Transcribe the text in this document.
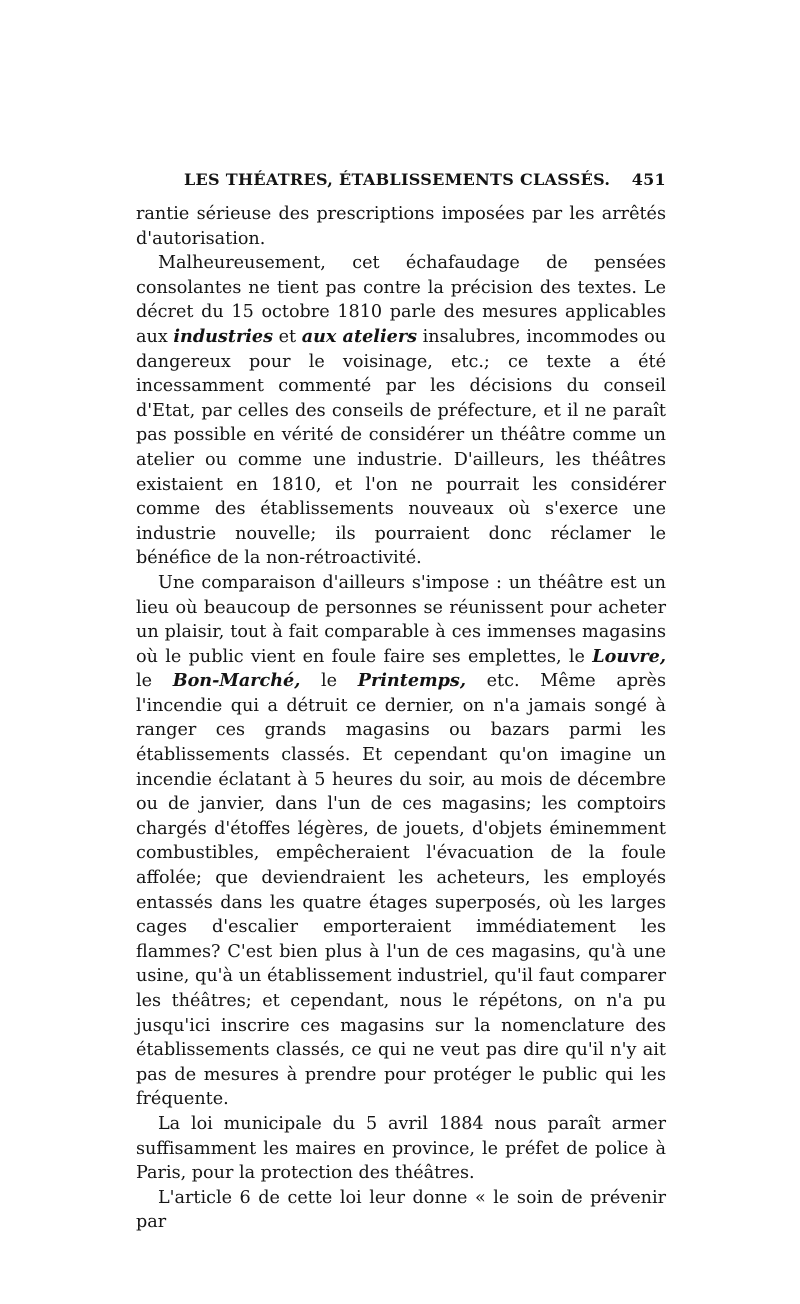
LES THÉATRES, ÉTABLISSEMENTS CLASSÉS. 451

rantie sérieuse des prescriptions imposées par les arrêtés d'autorisation.

Malheureusement, cet échafaudage de pensées consolantes ne tient pas contre la précision des textes. Le décret du 15 octobre 1810 parle des mesures applicables aux industries et aux ateliers insalubres, incommodes ou dangereux pour le voisinage, etc.; ce texte a été incessamment commenté par les décisions du conseil d'Etat, par celles des conseils de préfecture, et il ne paraît pas possible en vérité de considérer un théâtre comme un atelier ou comme une industrie. D'ailleurs, les théâtres existaient en 1810, et l'on ne pourrait les considérer comme des établissements nouveaux où s'exerce une industrie nouvelle; ils pourraient donc réclamer le bénéfice de la non-rétroactivité.

Une comparaison d'ailleurs s'impose : un théâtre est un lieu où beaucoup de personnes se réunissent pour acheter un plaisir, tout à fait comparable à ces immenses magasins où le public vient en foule faire ses emplettes, le Louvre, le Bon-Marché, le Printemps, etc. Même après l'incendie qui a détruit ce dernier, on n'a jamais songé à ranger ces grands magasins ou bazars parmi les établissements classés. Et cependant qu'on imagine un incendie éclatant à 5 heures du soir, au mois de décembre ou de janvier, dans l'un de ces magasins; les comptoirs chargés d'étoffes légères, de jouets, d'objets éminemment combustibles, empêcheraient l'évacuation de la foule affolée; que deviendraient les acheteurs, les employés entassés dans les quatre étages superposés, où les larges cages d'escalier emporteraient immédiatement les flammes? C'est bien plus à l'un de ces magasins, qu'à une usine, qu'à un établissement industriel, qu'il faut comparer les théâtres; et cependant, nous le répétons, on n'a pu jusqu'ici inscrire ces magasins sur la nomenclature des établissements classés, ce qui ne veut pas dire qu'il n'y ait pas de mesures à prendre pour protéger le public qui les fréquente.

La loi municipale du 5 avril 1884 nous paraît armer suffisamment les maires en province, le préfet de police à Paris, pour la protection des théâtres.

L'article 6 de cette loi leur donne « le soin de prévenir par
